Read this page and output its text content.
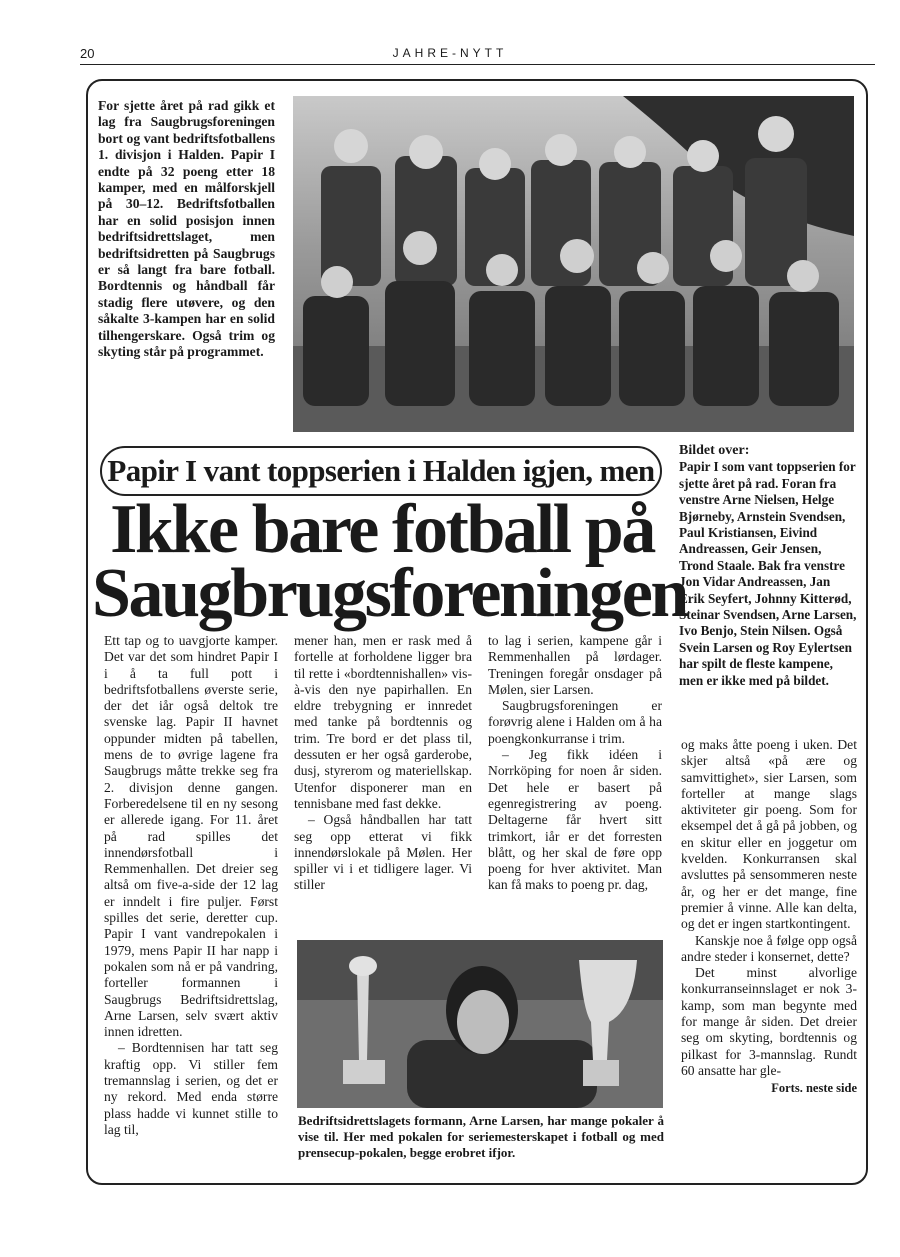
20	JAHRE-NYTT
For sjette året på rad gikk et lag fra Saugbrugsforeningen bort og vant bedriftsfotballens 1. divisjon i Halden. Papir I endte på 32 poeng etter 18 kamper, med en målforskjell på 30–12. Bedriftsfotballen har en solid posisjon innen bedriftsidrettslaget, men bedriftsidretten på Saugbrugs er så langt fra bare fotball. Bordtennis og håndball får stadig flere utøvere, og den såkalte 3-kampen har en solid tilhengerskare. Også trim og skyting står på programmet.
Papir I vant toppserien i Halden igjen, men
Ikke bare fotball på
Saugbrugsforeningen
Bildet over:
Papir I som vant toppserien for sjette året på rad. Foran fra venstre Arne Nielsen, Helge Bjørneby, Arnstein Svendsen, Paul Kristiansen, Eivind Andreassen, Geir Jensen, Trond Staale. Bak fra venstre Jon Vidar Andreassen, Jan Erik Seyfert, Johnny Kitterød, Steinar Svendsen, Arne Larsen, Ivo Benjo, Stein Nilsen. Også Svein Larsen og Roy Eylertsen har spilt de fleste kampene, men er ikke med på bildet.

Ett tap og to uavgjorte kamper. Det var det som hindret Papir I i å ta full pott i bedriftsfotballens øverste serie, der det iår også deltok tre svenske lag. Papir II havnet oppunder midten på tabellen, mens de to øvrige lagene fra Saugbrugs måtte trekke seg fra 2. divisjon denne gangen. Forberedelsene til en ny sesong er allerede igang. For 11. året på rad spilles det innendørsfotball i Remmenhallen. Det dreier seg altså om five-a-side der 12 lag er inndelt i fire puljer. Først spilles det serie, deretter cup. Papir I vant vandrepokalen i 1979, mens Papir II har napp i pokalen som nå er på vandring, forteller formannen i Saugbrugs Bedriftsidrettslag, Arne Larsen, selv svært aktiv innen idretten.

– Bordtennisen har tatt seg kraftig opp. Vi stiller fem tremannslag i serien, og det er ny rekord. Med enda større plass hadde vi kunnet stille to lag til,

mener han, men er rask med å fortelle at forholdene ligger bra til rette i «bordtennishallen» vis-à-vis den nye papirhallen. En eldre trebygning er innredet med tanke på bordtennis og trim. Tre bord er det plass til, dessuten er her også garderobe, dusj, styrerom og materiellskap. Utenfor disponerer man en tennisbane med fast dekke.

– Også håndballen har tatt seg opp etterat vi fikk innendørslokale på Mølen. Her spiller vi i et tidligere lager. Vi stiller

to lag i serien, kampene går i Remmenhallen på lørdager. Treningen foregår onsdager på Mølen, sier Larsen.

Saugbrugsforeningen er forøvrig alene i Halden om å ha poengkonkurranse i trim.

– Jeg fikk idéen i Norrköping for noen år siden. Det hele er basert på egenregistrering av poeng. Deltagerne får hvert sitt trimkort, iår er det forresten blått, og her skal de føre opp poeng for hver aktivitet. Man kan få maks to poeng pr. dag,

og maks åtte poeng i uken. Det skjer altså «på ære og samvittighet», sier Larsen, som forteller at mange slags aktiviteter gir poeng. Som for eksempel det å gå på jobben, og en skitur eller en joggetur om kvelden. Konkurransen skal avsluttes på sensommeren neste år, og her er det mange, fine premier å vinne. Alle kan delta, og det er ingen startkontingent.

Kanskje noe å følge opp også andre steder i konsernet, dette?

Det minst alvorlige konkurranseinnslaget er nok 3-kamp, som man begynte med for mange år siden. Det dreier seg om skyting, bordtennis og pilkast for 3-mannslag. Rundt 60 ansatte har gle-

Forts. neste side
Bedriftsidrettslagets formann, Arne Larsen, har mange pokaler å vise til. Her med pokalen for seriemesterskapet i fotball og med prensecup-pokalen, begge erobret ifjor.
